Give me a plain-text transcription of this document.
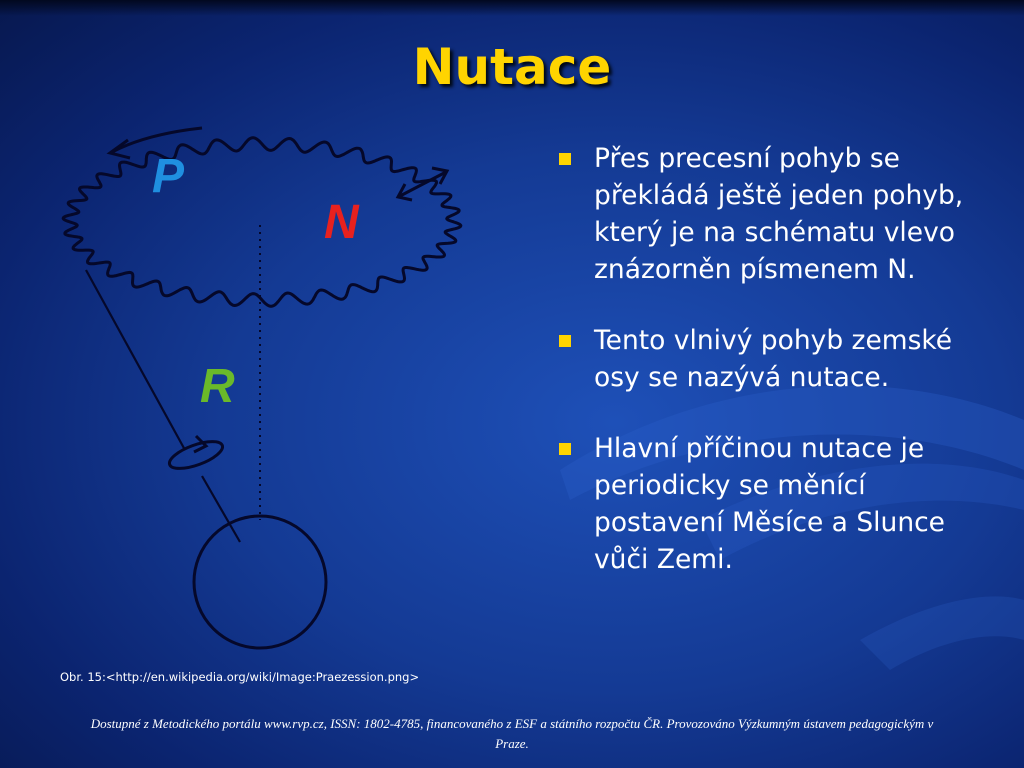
Nutace
P
N
R
Přes precesní pohyb se překládá ještě jeden pohyb, který je na schématu vlevo znázorněn písmenem N.
Tento vlnivý pohyb zemské osy se nazývá nutace.
Hlavní příčinou nutace je periodicky se měnící postavení Měsíce a Slunce vůči Zemi.
Obr. 15:<http://en.wikipedia.org/wiki/Image:Praezession.png>
Dostupné z Metodického portálu www.rvp.cz, ISSN: 1802-4785, financovaného z ESF a státního rozpočtu ČR. Provozováno Výzkumným ústavem pedagogickým v Praze.
